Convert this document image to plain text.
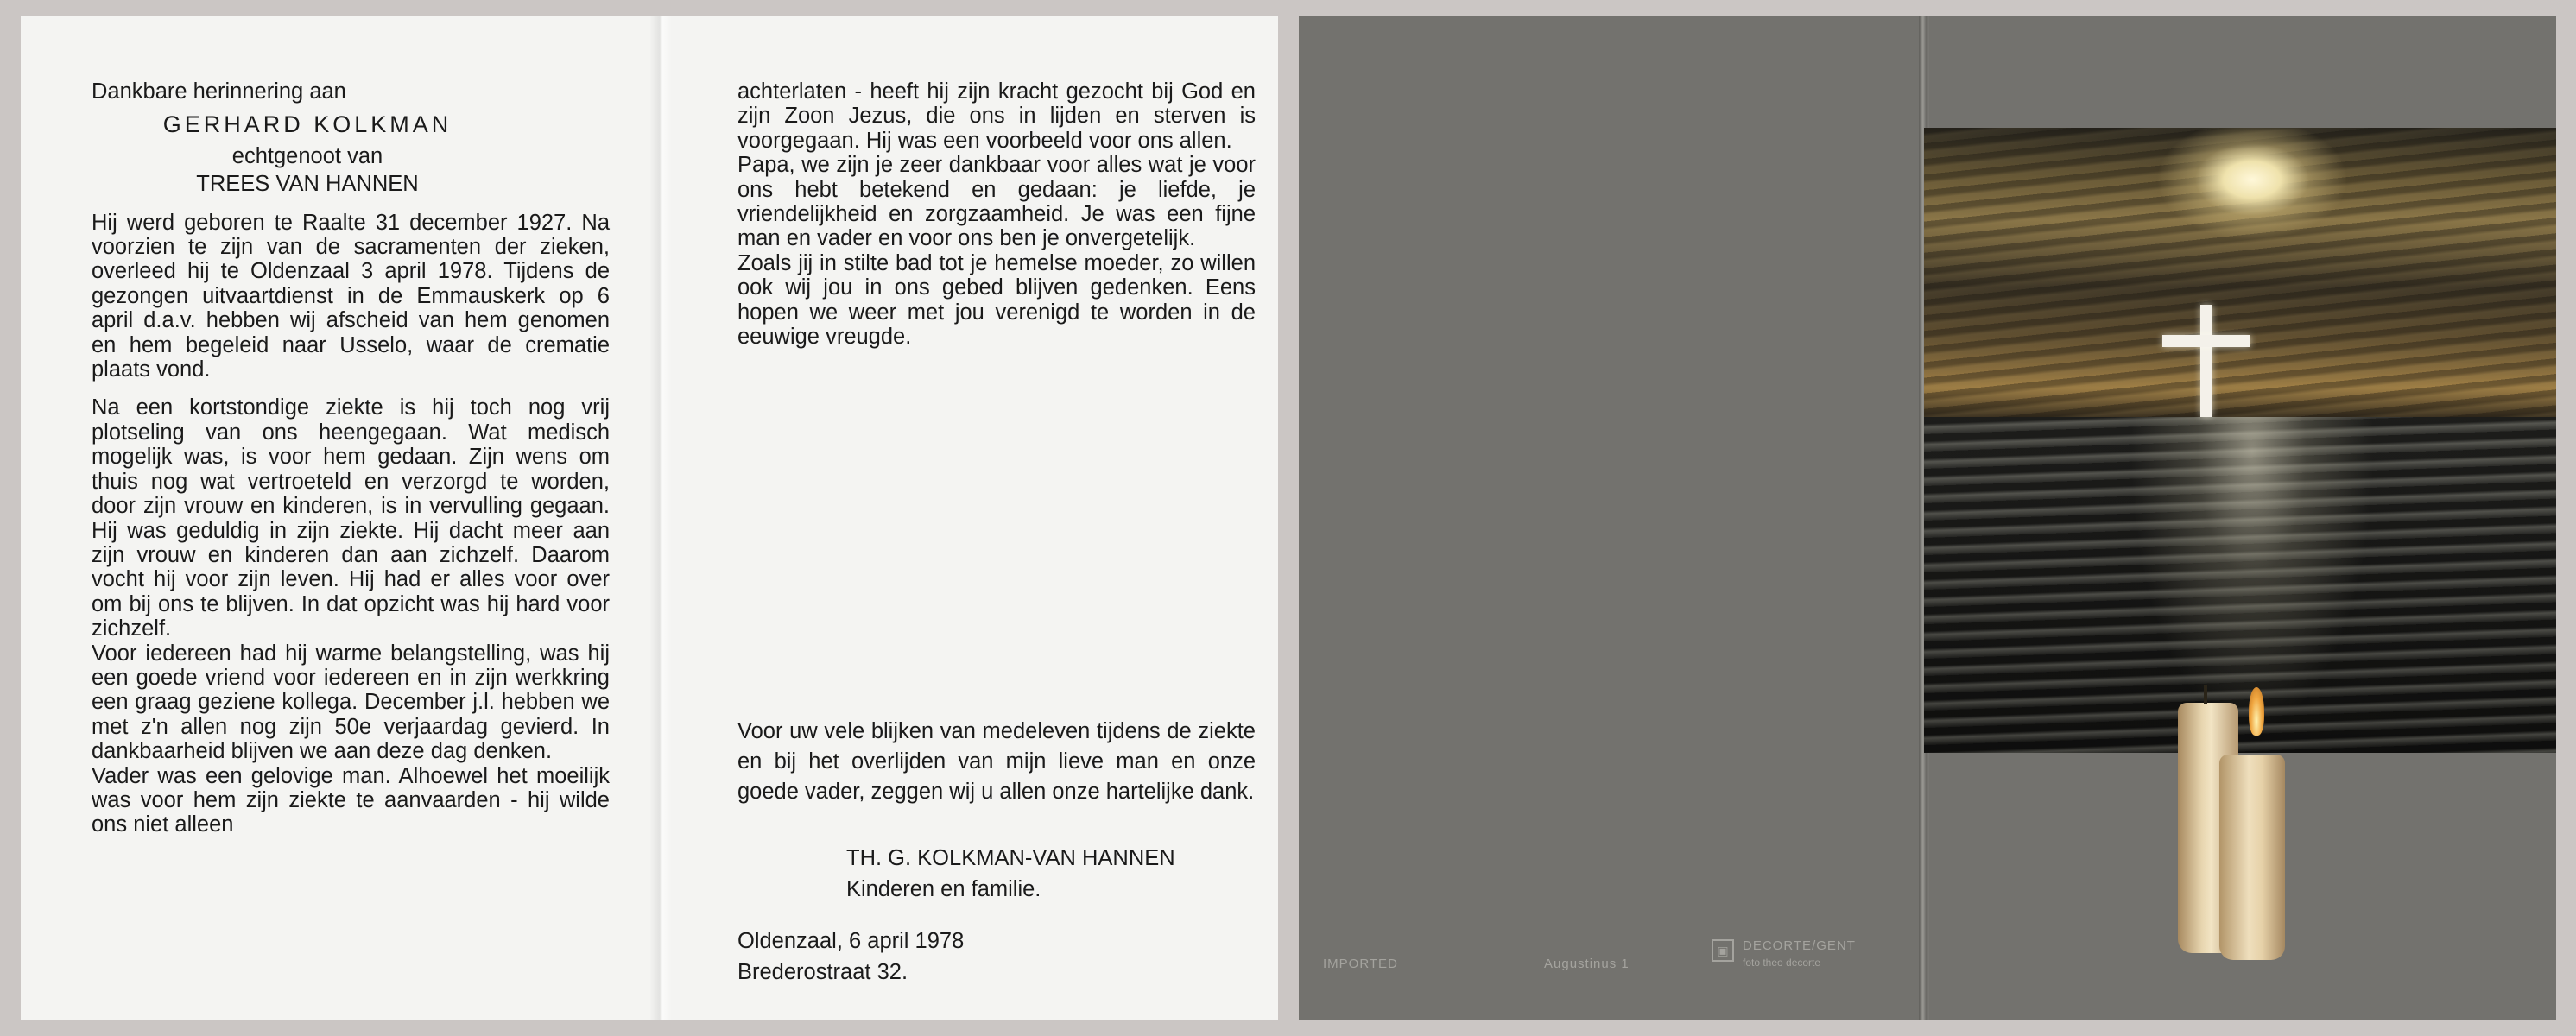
Dankbare herinnering aan

GERHARD KOLKMAN

echtgenoot van

TREES VAN HANNEN

Hij werd geboren te Raalte 31 december 1927. Na voorzien te zijn van de sacramenten der zieken, overleed hij te Oldenzaal 3 april 1978. Tijdens de gezongen uitvaartdienst in de Emmauskerk op 6 april d.a.v. hebben wij afscheid van hem genomen en hem begeleid naar Usselo, waar de crematie plaats vond.

Na een kortstondige ziekte is hij toch nog vrij plotseling van ons heengegaan. Wat medisch mogelijk was, is voor hem gedaan. Zijn wens om thuis nog wat vertroeteld en verzorgd te worden, door zijn vrouw en kinderen, is in vervulling gegaan. Hij was geduldig in zijn ziekte. Hij dacht meer aan zijn vrouw en kinderen dan aan zichzelf. Daarom vocht hij voor zijn leven. Hij had er alles voor over om bij ons te blijven. In dat opzicht was hij hard voor zichzelf.

Voor iedereen had hij warme belangstelling, was hij een goede vriend voor iedereen en in zijn werkkring een graag geziene kollega. December j.l. hebben we met z'n allen nog zijn 50e verjaardag gevierd. In dankbaarheid blijven we aan deze dag denken.

Vader was een gelovige man. Alhoewel het moeilijk was voor hem zijn ziekte te aanvaarden - hij wilde ons niet alleen

achterlaten - heeft hij zijn kracht gezocht bij God en zijn Zoon Jezus, die ons in lijden en sterven is voorgegaan. Hij was een voorbeeld voor ons allen.

Papa, we zijn je zeer dankbaar voor alles wat je voor ons hebt betekend en gedaan: je liefde, je vriendelijkheid en zorgzaamheid. Je was een fijne man en vader en voor ons ben je onvergetelijk.

Zoals jij in stilte bad tot je hemelse moeder, zo willen ook wij jou in ons gebed blijven gedenken. Eens hopen we weer met jou verenigd te worden in de eeuwige vreugde.

Voor uw vele blijken van medeleven tijdens de ziekte en bij het overlijden van mijn lieve man en onze goede vader, zeggen wij u allen onze hartelijke dank.

TH. G. KOLKMAN-VAN HANNEN
Kinderen en familie.
Oldenzaal, 6 april 1978
Brederostraat 32.	IMPORTED	Augustinus 1
▣	DECORTE/GENT
foto theo decorte
